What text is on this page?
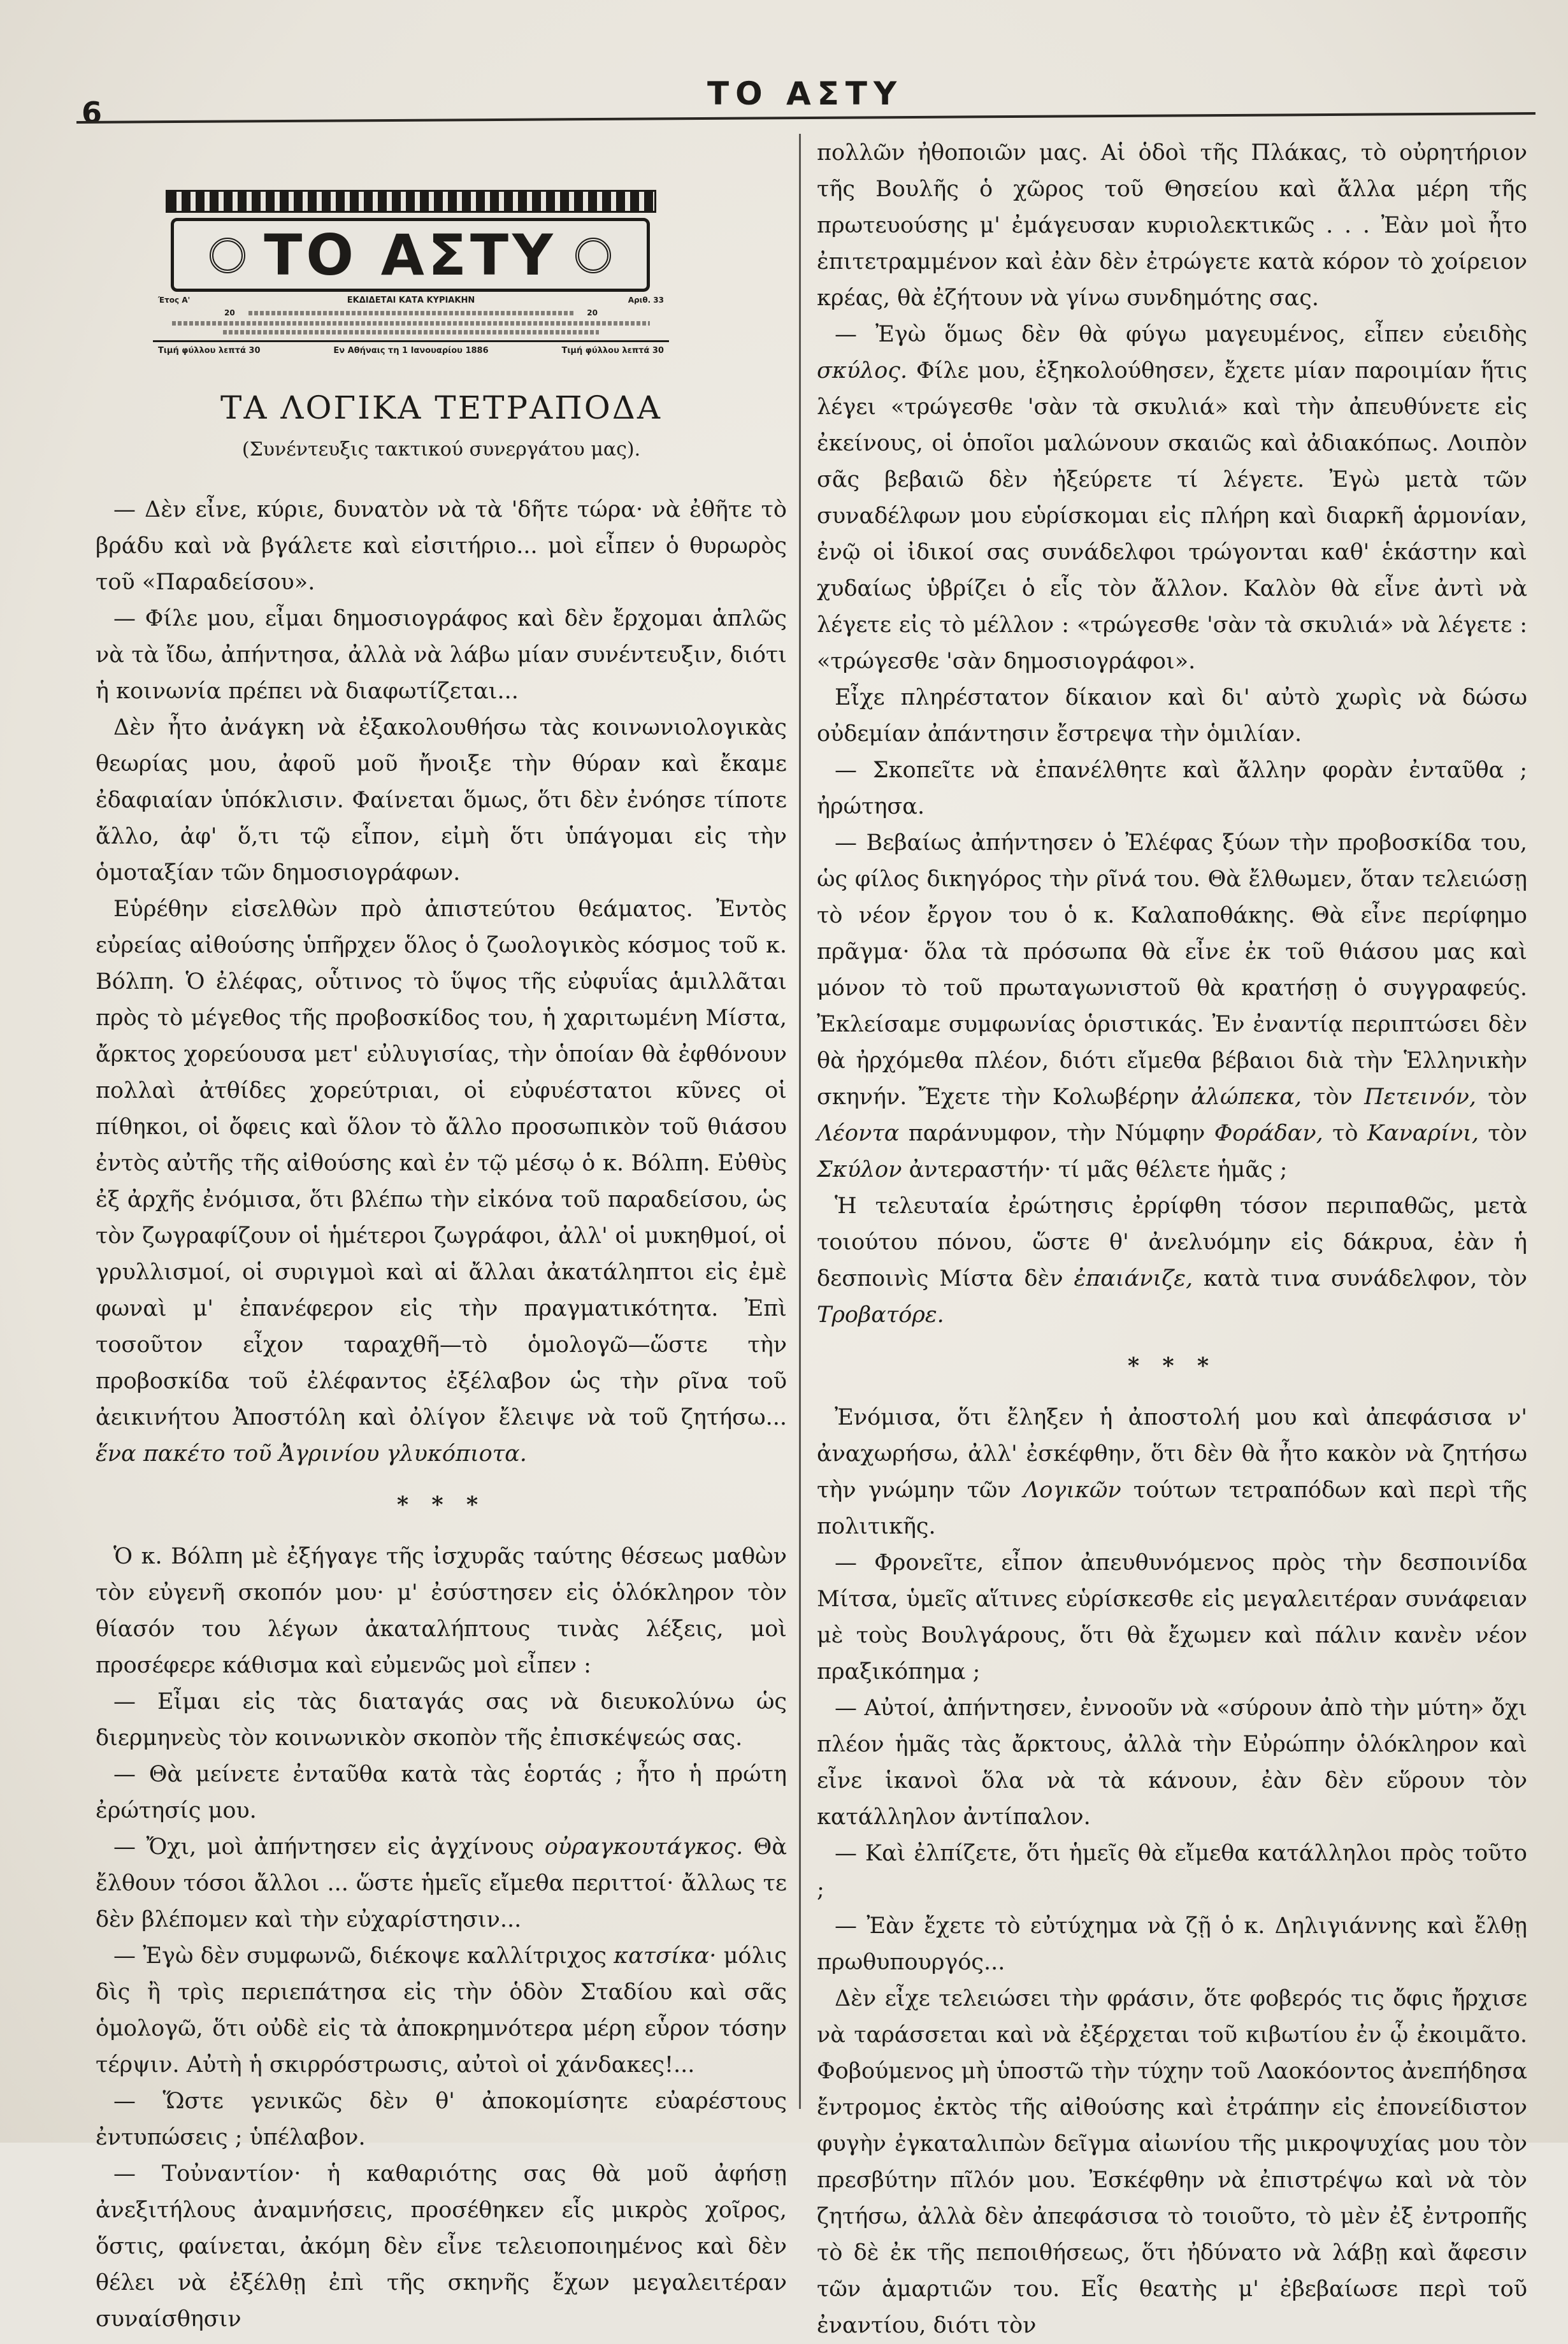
6
ΤΟ ΑΣΤΥ
ΤΟ ΑΣΤΥ
Έτος Α'	Αριθ. 33
ΕΚΔΙΔΕΤΑΙ ΚΑΤΑ ΚΥΡΙΑΚΗΝ
20	20
Τιμή φύλλου λεπτά 30	Εν Αθήναις τη 1 Ιανουαρίου 1886	Τιμή φύλλου λεπτά 30
ΤΑ ΛΟΓΙΚΑ ΤΕΤΡΑΠΟΔΑ
(Συνέντευξις τακτικού συνεργάτου μας).

— Δὲν εἶνε, κύριε, δυνατὸν νὰ τὰ 'δῆτε τώρα· νὰ ἐθῆτε τὸ βράδυ καὶ νὰ βγάλετε καὶ εἰσιτήριο... μοὶ εἶπεν ὁ θυρωρὸς τοῦ «Παραδείσου».

— Φίλε μου, εἶμαι δημοσιογράφος καὶ δὲν ἔρχομαι ἁπλῶς νὰ τὰ ἴδω, ἀπήντησα, ἀλλὰ νὰ λάβω μίαν συνέντευξιν, διότι ἡ κοινωνία πρέπει νὰ διαφωτίζεται...

Δὲν ἦτο ἀνάγκη νὰ ἐξακολουθήσω τὰς κοινωνιολογικὰς θεωρίας μου, ἀφοῦ μοῦ ἤνοιξε τὴν θύραν καὶ ἔκαμε ἐδαφιαίαν ὑπόκλισιν. Φαίνεται ὅμως, ὅτι δὲν ἐνόησε τίποτε ἄλλο, ἀφ' ὅ,τι τῷ εἶπον, εἰμὴ ὅτι ὑπάγομαι εἰς τὴν ὁμοταξίαν τῶν δημοσιογράφων.

Εὑρέθην εἰσελθὼν πρὸ ἀπιστεύτου θεάματος. Ἐντὸς εὐρείας αἰθούσης ὑπῆρχεν ὅλος ὁ ζωολογικὸς κόσμος τοῦ κ. Βόλπη. Ὁ ἐλέφας, οὗτινος τὸ ὕψος τῆς εὐφυΐας ἁμιλλᾶται πρὸς τὸ μέγεθος τῆς προβοσκίδος του, ἡ χαριτωμένη Μίστα, ἄρκτος χορεύουσα μετ' εὐλυγισίας, τὴν ὁποίαν θὰ ἐφθόνουν πολλαὶ ἀτθίδες χορεύτριαι, οἱ εὐφυέστατοι κῦνες οἱ πίθηκοι, οἱ ὄφεις καὶ ὅλον τὸ ἄλλο προσωπικὸν τοῦ θιάσου ἐντὸς αὐτῆς τῆς αἰθούσης καὶ ἐν τῷ μέσῳ ὁ κ. Βόλπη. Εὐθὺς ἐξ ἀρχῆς ἐνόμισα, ὅτι βλέπω τὴν εἰκόνα τοῦ παραδείσου, ὡς τὸν ζωγραφίζουν οἱ ἡμέτεροι ζωγράφοι, ἀλλ' οἱ μυκηθμοί, οἱ γρυλλισμοί, οἱ συριγμοὶ καὶ αἱ ἄλλαι ἀκατάληπτοι εἰς ἐμὲ φωναὶ μ' ἐπανέφερον εἰς τὴν πραγματικότητα. Ἐπὶ τοσοῦτον εἶχον ταραχθῆ—τὸ ὁμολογῶ—ὥστε τὴν προβοσκίδα τοῦ ἐλέφαντος ἐξέλαβον ὡς τὴν ρῖνα τοῦ ἀεικινήτου Ἀποστόλη καὶ ὀλίγον ἔλειψε νὰ τοῦ ζητήσω... ἕνα πακέτο τοῦ Ἀγρινίου γλυκόπιοτα.

* * *

Ὁ κ. Βόλπη μὲ ἐξήγαγε τῆς ἰσχυρᾶς ταύτης θέσεως μαθὼν τὸν εὐγενῆ σκοπόν μου· μ' ἐσύστησεν εἰς ὁλόκληρον τὸν θίασόν του λέγων ἀκαταλήπτους τινὰς λέξεις, μοὶ προσέφερε κάθισμα καὶ εὐμενῶς μοὶ εἶπεν :

— Εἶμαι εἰς τὰς διαταγάς σας νὰ διευκολύνω ὡς διερμηνεὺς τὸν κοινωνικὸν σκοπὸν τῆς ἐπισκέψεώς σας.

— Θὰ μείνετε ἐνταῦθα κατὰ τὰς ἑορτάς ; ἦτο ἡ πρώτη ἐρώτησίς μου.

— Ὄχι, μοὶ ἀπήντησεν εἰς ἀγχίνους οὐραγκουτάγκος. Θὰ ἔλθουν τόσοι ἄλλοι ... ὥστε ἡμεῖς εἴμεθα περιττοί· ἄλλως τε δὲν βλέπομεν καὶ τὴν εὐχαρίστησιν...

— Ἐγὼ δὲν συμφωνῶ, διέκοψε καλλίτριχος κατσίκα· μόλις δὶς ἢ τρὶς περιεπάτησα εἰς τὴν ὁδὸν Σταδίου καὶ σᾶς ὁμολογῶ, ὅτι οὐδὲ εἰς τὰ ἀποκρημνότερα μέρη εὗρον τόσην τέρψιν. Αὐτὴ ἡ σκιρρόστρωσις, αὐτοὶ οἱ χάνδακες!...

— Ὥστε γενικῶς δὲν θ' ἀποκομίσητε εὐαρέστους ἐντυπώσεις ; ὑπέλαβον.

— Τοὐναντίον· ἡ καθαριότης σας θὰ μοῦ ἀφήσῃ ἀνεξιτήλους ἀναμνήσεις, προσέθηκεν εἷς μικρὸς χοῖρος, ὅστις, φαίνεται, ἀκόμη δὲν εἶνε τελειοποιημένος καὶ δὲν θέλει νὰ ἐξέλθῃ ἐπὶ τῆς σκηνῆς ἔχων μεγαλειτέραν συναίσθησιν

πολλῶν ἠθοποιῶν μας. Αἱ ὁδοὶ τῆς Πλάκας, τὸ οὐρητήριον τῆς Βουλῆς ὁ χῶρος τοῦ Θησείου καὶ ἄλλα μέρη τῆς πρωτευούσης μ' ἐμάγευσαν κυριολεκτικῶς . . . Ἐὰν μοὶ ἦτο ἐπιτετραμμένον καὶ ἐὰν δὲν ἐτρώγετε κατὰ κόρον τὸ χοίρειον κρέας, θὰ ἐζήτουν νὰ γίνω συνδημότης σας.

— Ἐγὼ ὅμως δὲν θὰ φύγω μαγευμένος, εἶπεν εὐειδὴς σκύλος. Φίλε μου, ἐξηκολούθησεν, ἔχετε μίαν παροιμίαν ἥτις λέγει «τρώγεσθε 'σὰν τὰ σκυλιά» καὶ τὴν ἀπευθύνετε εἰς ἐκείνους, οἱ ὁποῖοι μαλώνουν σκαιῶς καὶ ἀδιακόπως. Λοιπὸν σᾶς βεβαιῶ δὲν ἠξεύρετε τί λέγετε. Ἐγὼ μετὰ τῶν συναδέλφων μου εὑρίσκομαι εἰς πλήρη καὶ διαρκῆ ἁρμονίαν, ἐνῷ οἱ ἰδικοί σας συνάδελφοι τρώγονται καθ' ἑκάστην καὶ χυδαίως ὑβρίζει ὁ εἷς τὸν ἄλλον. Καλὸν θὰ εἶνε ἀντὶ νὰ λέγετε εἰς τὸ μέλλον : «τρώγεσθε 'σὰν τὰ σκυλιά» νὰ λέγετε : «τρώγεσθε 'σὰν δημοσιογράφοι».

Εἶχε πληρέστατον δίκαιον καὶ δι' αὐτὸ χωρὶς νὰ δώσω οὐδεμίαν ἀπάντησιν ἔστρεψα τὴν ὁμιλίαν.

— Σκοπεῖτε νὰ ἐπανέλθητε καὶ ἄλλην φορὰν ἐνταῦθα ; ἠρώτησα.

— Βεβαίως ἀπήντησεν ὁ Ἐλέφας ξύων τὴν προβοσκίδα του, ὡς φίλος δικηγόρος τὴν ρῖνά του. Θὰ ἔλθωμεν, ὅταν τελειώσῃ τὸ νέον ἔργον του ὁ κ. Καλαποθάκης. Θὰ εἶνε περίφημο πρᾶγμα· ὅλα τὰ πρόσωπα θὰ εἶνε ἐκ τοῦ θιάσου μας καὶ μόνον τὸ τοῦ πρωταγωνιστοῦ θὰ κρατήσῃ ὁ συγγραφεύς. Ἐκλείσαμε συμφωνίας ὁριστικάς. Ἐν ἐναντίᾳ περιπτώσει δὲν θὰ ἠρχόμεθα πλέον, διότι εἴμεθα βέβαιοι διὰ τὴν Ἑλληνικὴν σκηνήν. Ἔχετε τὴν Κολωβέρην ἀλώπεκα, τὸν Πετεινόν, τὸν Λέοντα παράνυμφον, τὴν Νύμφην Φοράδαν, τὸ Καναρίνι, τὸν Σκύλον ἀντεραστήν· τί μᾶς θέλετε ἡμᾶς ;

Ἡ τελευταία ἐρώτησις ἐρρίφθη τόσον περιπαθῶς, μετὰ τοιούτου πόνου, ὥστε θ' ἀνελυόμην εἰς δάκρυα, ἐὰν ἡ δεσποινὶς Μίστα δὲν ἐπαιάνιζε, κατὰ τινα συνάδελφον, τὸν Τροβατόρε.

* * *

Ἐνόμισα, ὅτι ἔληξεν ἡ ἀποστολή μου καὶ ἀπεφάσισα ν' ἀναχωρήσω, ἀλλ' ἐσκέφθην, ὅτι δὲν θὰ ἦτο κακὸν νὰ ζητήσω τὴν γνώμην τῶν Λογικῶν τούτων τετραπόδων καὶ περὶ τῆς πολιτικῆς.

— Φρονεῖτε, εἶπον ἀπευθυνόμενος πρὸς τὴν δεσποινίδα Μίτσα, ὑμεῖς αἵτινες εὑρίσκεσθε εἰς μεγαλειτέραν συνάφειαν μὲ τοὺς Βουλγάρους, ὅτι θὰ ἔχωμεν καὶ πάλιν κανὲν νέον πραξικόπημα ;

— Αὐτοί, ἀπήντησεν, ἐννοοῦν νὰ «σύρουν ἀπὸ τὴν μύτη» ὄχι πλέον ἡμᾶς τὰς ἄρκτους, ἀλλὰ τὴν Εὐρώπην ὁλόκληρον καὶ εἶνε ἱκανοὶ ὅλα νὰ τὰ κάνουν, ἐὰν δὲν εὕρουν τὸν κατάλληλον ἀντίπαλον.

— Καὶ ἐλπίζετε, ὅτι ἡμεῖς θὰ εἴμεθα κατάλληλοι πρὸς τοῦτο ;

— Ἐὰν ἔχετε τὸ εὐτύχημα νὰ ζῇ ὁ κ. Δηλιγιάννης καὶ ἔλθῃ πρωθυπουργός...

Δὲν εἶχε τελειώσει τὴν φράσιν, ὅτε φοβερός τις ὄφις ἤρχισε νὰ ταράσσεται καὶ νὰ ἐξέρχεται τοῦ κιβωτίου ἐν ᾧ ἐκοιμᾶτο. Φοβούμενος μὴ ὑποστῶ τὴν τύχην τοῦ Λαοκόοντος ἀνεπήδησα ἔντρομος ἐκτὸς τῆς αἰθούσης καὶ ἐτράπην εἰς ἐπονείδιστον φυγὴν ἐγκαταλιπὼν δεῖγμα αἰωνίου τῆς μικροψυχίας μου τὸν πρεσβύτην πῖλόν μου. Ἐσκέφθην νὰ ἐπιστρέψω καὶ νὰ τὸν ζητήσω, ἀλλὰ δὲν ἀπεφάσισα τὸ τοιοῦτο, τὸ μὲν ἐξ ἐντροπῆς τὸ δὲ ἐκ τῆς πεποιθήσεως, ὅτι ἠδύνατο νὰ λάβῃ καὶ ἄφεσιν τῶν ἁμαρτιῶν του. Εἷς θεατὴς μ' ἐβεβαίωσε περὶ τοῦ ἐναντίου, διότι τὸν
